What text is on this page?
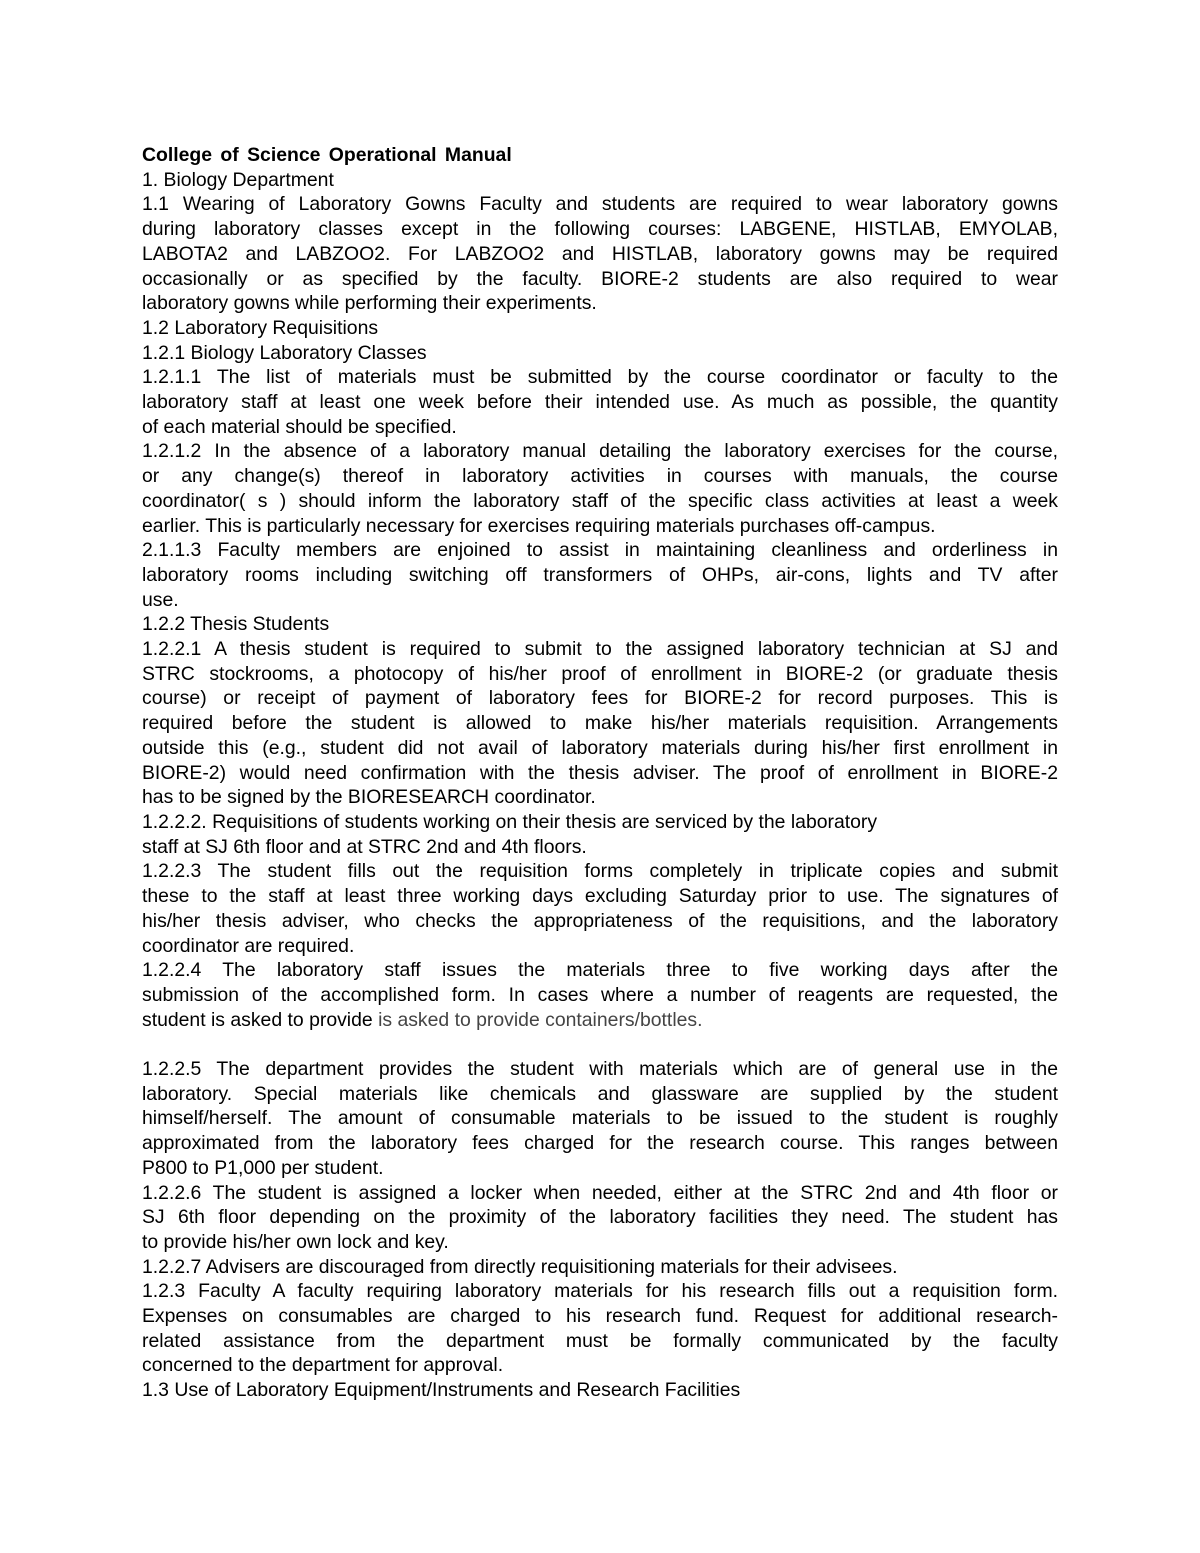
College of Science Operational Manual
1. Biology Department
1.1 Wearing of Laboratory Gowns Faculty and students are required to wear laboratory gowns
during laboratory classes except in the following courses: LABGENE, HISTLAB, EMYOLAB,
LABOTA2 and LABZOO2. For LABZOO2 and HISTLAB, laboratory gowns may be required
occasionally or as specified by the faculty. BIORE-2 students are also required to wear
laboratory gowns while performing their experiments.
1.2 Laboratory Requisitions
1.2.1 Biology Laboratory Classes
1.2.1.1 The list of materials must be submitted by the course coordinator or faculty to the
laboratory staff at least one week before their intended use. As much as possible, the quantity
of each material should be specified.
1.2.1.2 In the absence of a laboratory manual detailing the laboratory exercises for the course,
or any change(s) thereof in laboratory activities in courses with manuals, the course
coordinator( s ) should inform the laboratory staff of the specific class activities at least a week
earlier. This is particularly necessary for exercises requiring materials purchases off-campus.
2.1.1.3 Faculty members are enjoined to assist in maintaining cleanliness and orderliness in
laboratory rooms including switching off transformers of OHPs, air-cons, lights and TV after
use.
1.2.2 Thesis Students
1.2.2.1 A thesis student is required to submit to the assigned laboratory technician at SJ and
STRC stockrooms, a photocopy of his/her proof of enrollment in BIORE-2 (or graduate thesis
course) or receipt of payment of laboratory fees for BIORE-2 for record purposes. This is
required before the student is allowed to make his/her materials requisition. Arrangements
outside this (e.g., student did not avail of laboratory materials during his/her first enrollment in
BIORE-2) would need confirmation with the thesis adviser. The proof of enrollment in BIORE-2
has to be signed by the BIORESEARCH coordinator.
1.2.2.2. Requisitions of students working on their thesis are serviced by the laboratory
staff at SJ 6th floor and at STRC 2nd and 4th floors.
1.2.2.3 The student fills out the requisition forms completely in triplicate copies and submit
these to the staff at least three working days excluding Saturday prior to use. The signatures of
his/her thesis adviser, who checks the appropriateness of the requisitions, and the laboratory
coordinator are required.
1.2.2.4 The laboratory staff issues the materials three to five working days after the
submission of the accomplished form. In cases where a number of reagents are requested, the
student is asked to provide is asked to provide containers/bottles.
1.2.2.5 The department provides the student with materials which are of general use in the
laboratory. Special materials like chemicals and glassware are supplied by the student
himself/herself. The amount of consumable materials to be issued to the student is roughly
approximated from the laboratory fees charged for the research course. This ranges between
P800 to P1,000 per student.
1.2.2.6 The student is assigned a locker when needed, either at the STRC 2nd and 4th floor or
SJ 6th floor depending on the proximity of the laboratory facilities they need. The student has
to provide his/her own lock and key.
1.2.2.7 Advisers are discouraged from directly requisitioning materials for their advisees.
1.2.3 Faculty A faculty requiring laboratory materials for his research fills out a requisition form.
Expenses on consumables are charged to his research fund. Request for additional research-
related assistance from the department must be formally communicated by the faculty
concerned to the department for approval.
1.3 Use of Laboratory Equipment/Instruments and Research Facilities
